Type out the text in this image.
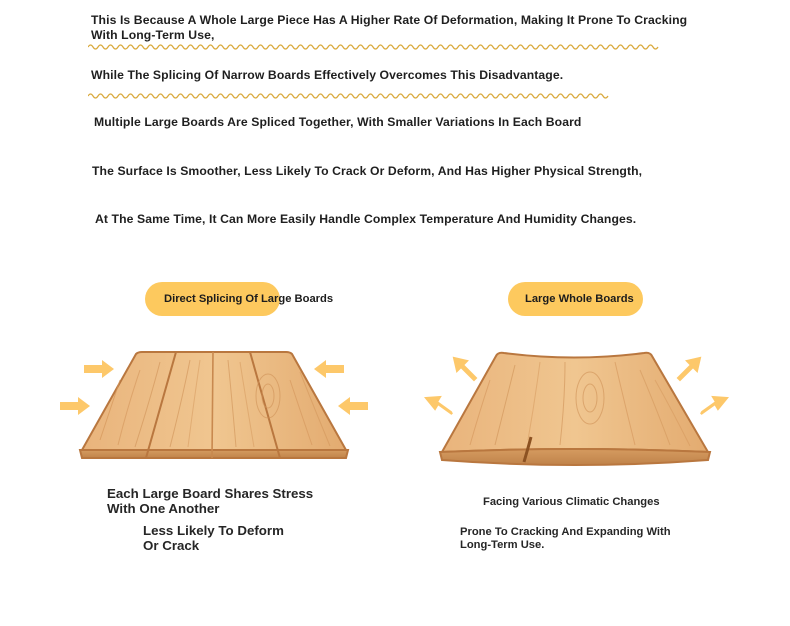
This Is Because A Whole Large Piece Has A Higher Rate Of Deformation, Making It Prone To Cracking
With Long-Term Use,
While The Splicing Of Narrow Boards Effectively Overcomes This Disadvantage.
Multiple Large Boards Are Spliced Together, With Smaller Variations In Each Board
The Surface Is Smoother, Less Likely To Crack Or Deform, And Has Higher Physical Strength,
At The Same Time, It Can More Easily Handle Complex Temperature And Humidity Changes.
Direct Splicing Of Large Boards	Large Whole Boards
Each Large Board Shares Stress
With One Another
Less Likely To Deform
Or Crack
Facing Various Climatic Changes
Prone To Cracking And Expanding With
Long-Term Use.
